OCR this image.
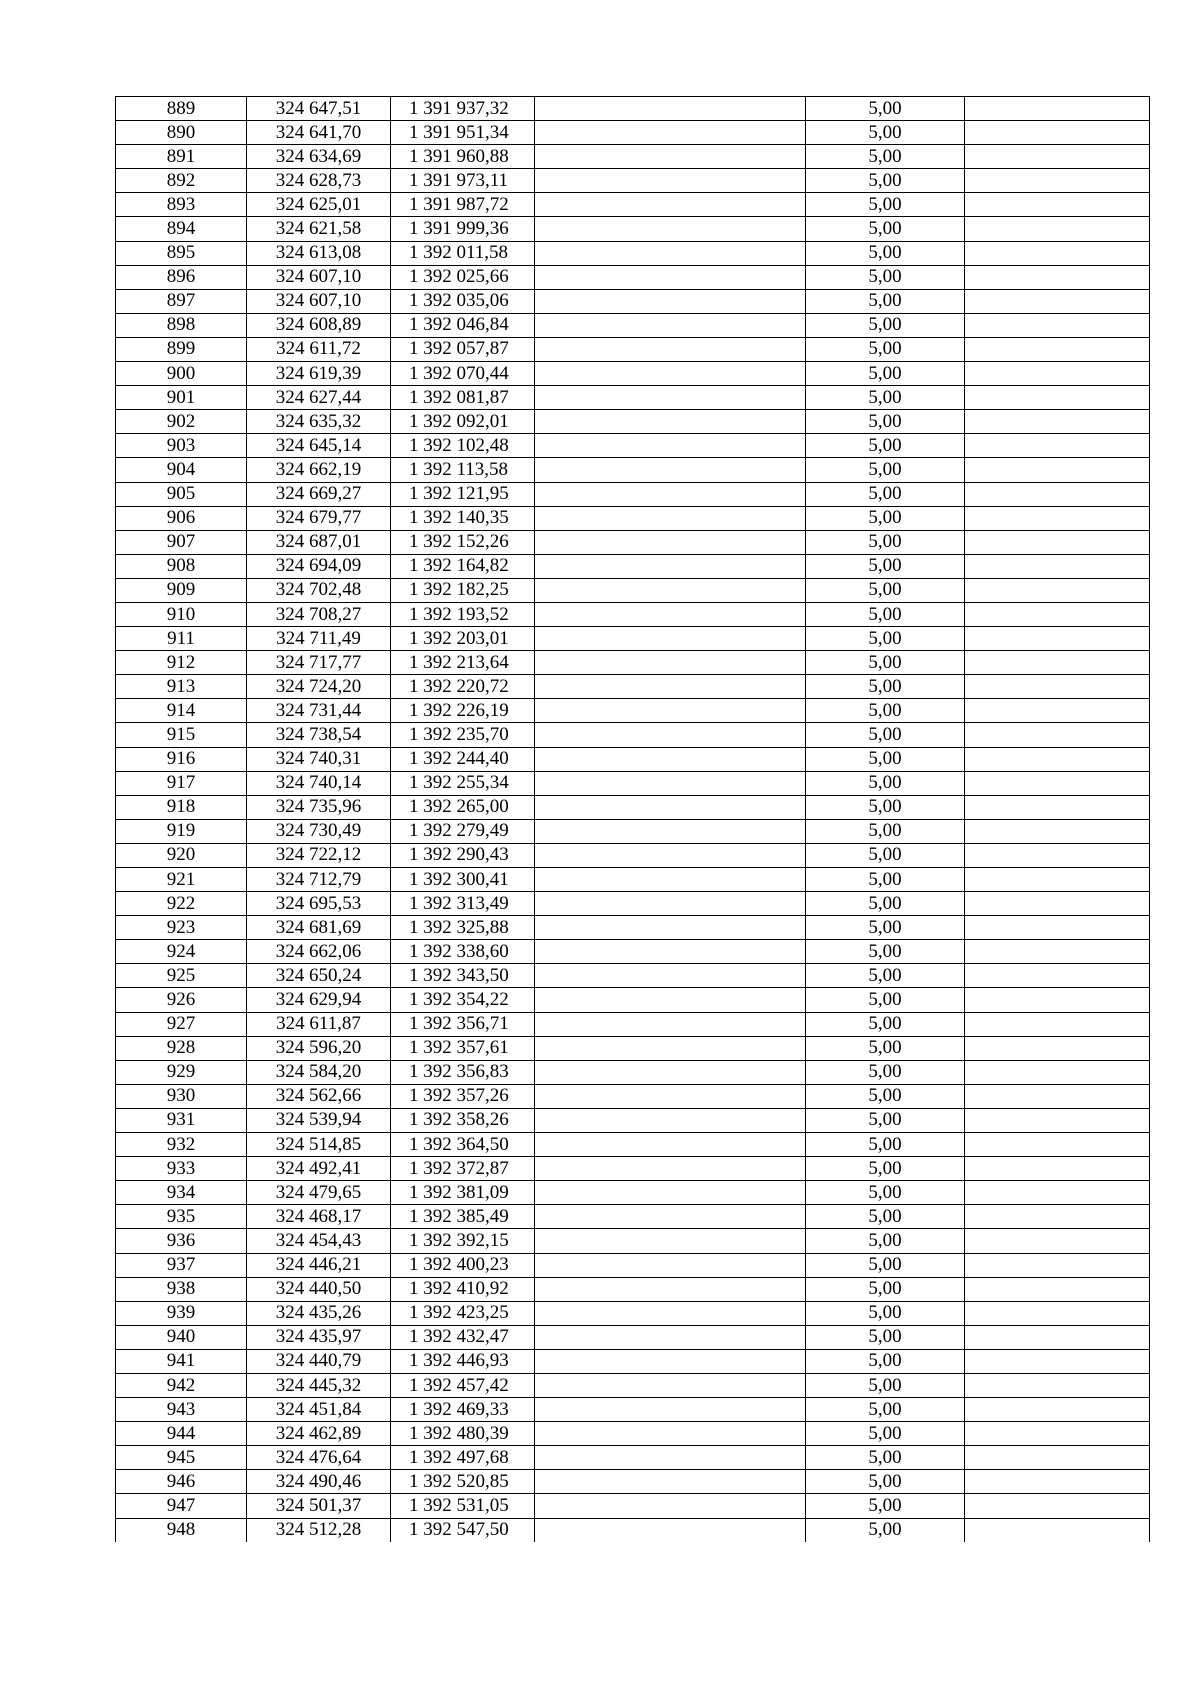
889	324 647,51	1 391 937,32		5,00	
890	324 641,70	1 391 951,34		5,00	
891	324 634,69	1 391 960,88		5,00	
892	324 628,73	1 391 973,11		5,00	
893	324 625,01	1 391 987,72		5,00	
894	324 621,58	1 391 999,36		5,00	
895	324 613,08	1 392 011,58		5,00	
896	324 607,10	1 392 025,66		5,00	
897	324 607,10	1 392 035,06		5,00	
898	324 608,89	1 392 046,84		5,00	
899	324 611,72	1 392 057,87		5,00	
900	324 619,39	1 392 070,44		5,00	
901	324 627,44	1 392 081,87		5,00	
902	324 635,32	1 392 092,01		5,00	
903	324 645,14	1 392 102,48		5,00	
904	324 662,19	1 392 113,58		5,00	
905	324 669,27	1 392 121,95		5,00	
906	324 679,77	1 392 140,35		5,00	
907	324 687,01	1 392 152,26		5,00	
908	324 694,09	1 392 164,82		5,00	
909	324 702,48	1 392 182,25		5,00	
910	324 708,27	1 392 193,52		5,00	
911	324 711,49	1 392 203,01		5,00	
912	324 717,77	1 392 213,64		5,00	
913	324 724,20	1 392 220,72		5,00	
914	324 731,44	1 392 226,19		5,00	
915	324 738,54	1 392 235,70		5,00	
916	324 740,31	1 392 244,40		5,00	
917	324 740,14	1 392 255,34		5,00	
918	324 735,96	1 392 265,00		5,00	
919	324 730,49	1 392 279,49		5,00	
920	324 722,12	1 392 290,43		5,00	
921	324 712,79	1 392 300,41		5,00	
922	324 695,53	1 392 313,49		5,00	
923	324 681,69	1 392 325,88		5,00	
924	324 662,06	1 392 338,60		5,00	
925	324 650,24	1 392 343,50		5,00	
926	324 629,94	1 392 354,22		5,00	
927	324 611,87	1 392 356,71		5,00	
928	324 596,20	1 392 357,61		5,00	
929	324 584,20	1 392 356,83		5,00	
930	324 562,66	1 392 357,26		5,00	
931	324 539,94	1 392 358,26		5,00	
932	324 514,85	1 392 364,50		5,00	
933	324 492,41	1 392 372,87		5,00	
934	324 479,65	1 392 381,09		5,00	
935	324 468,17	1 392 385,49		5,00	
936	324 454,43	1 392 392,15		5,00	
937	324 446,21	1 392 400,23		5,00	
938	324 440,50	1 392 410,92		5,00	
939	324 435,26	1 392 423,25		5,00	
940	324 435,97	1 392 432,47		5,00	
941	324 440,79	1 392 446,93		5,00	
942	324 445,32	1 392 457,42		5,00	
943	324 451,84	1 392 469,33		5,00	
944	324 462,89	1 392 480,39		5,00	
945	324 476,64	1 392 497,68		5,00	
946	324 490,46	1 392 520,85		5,00	
947	324 501,37	1 392 531,05		5,00	
948	324 512,28	1 392 547,50		5,00	
